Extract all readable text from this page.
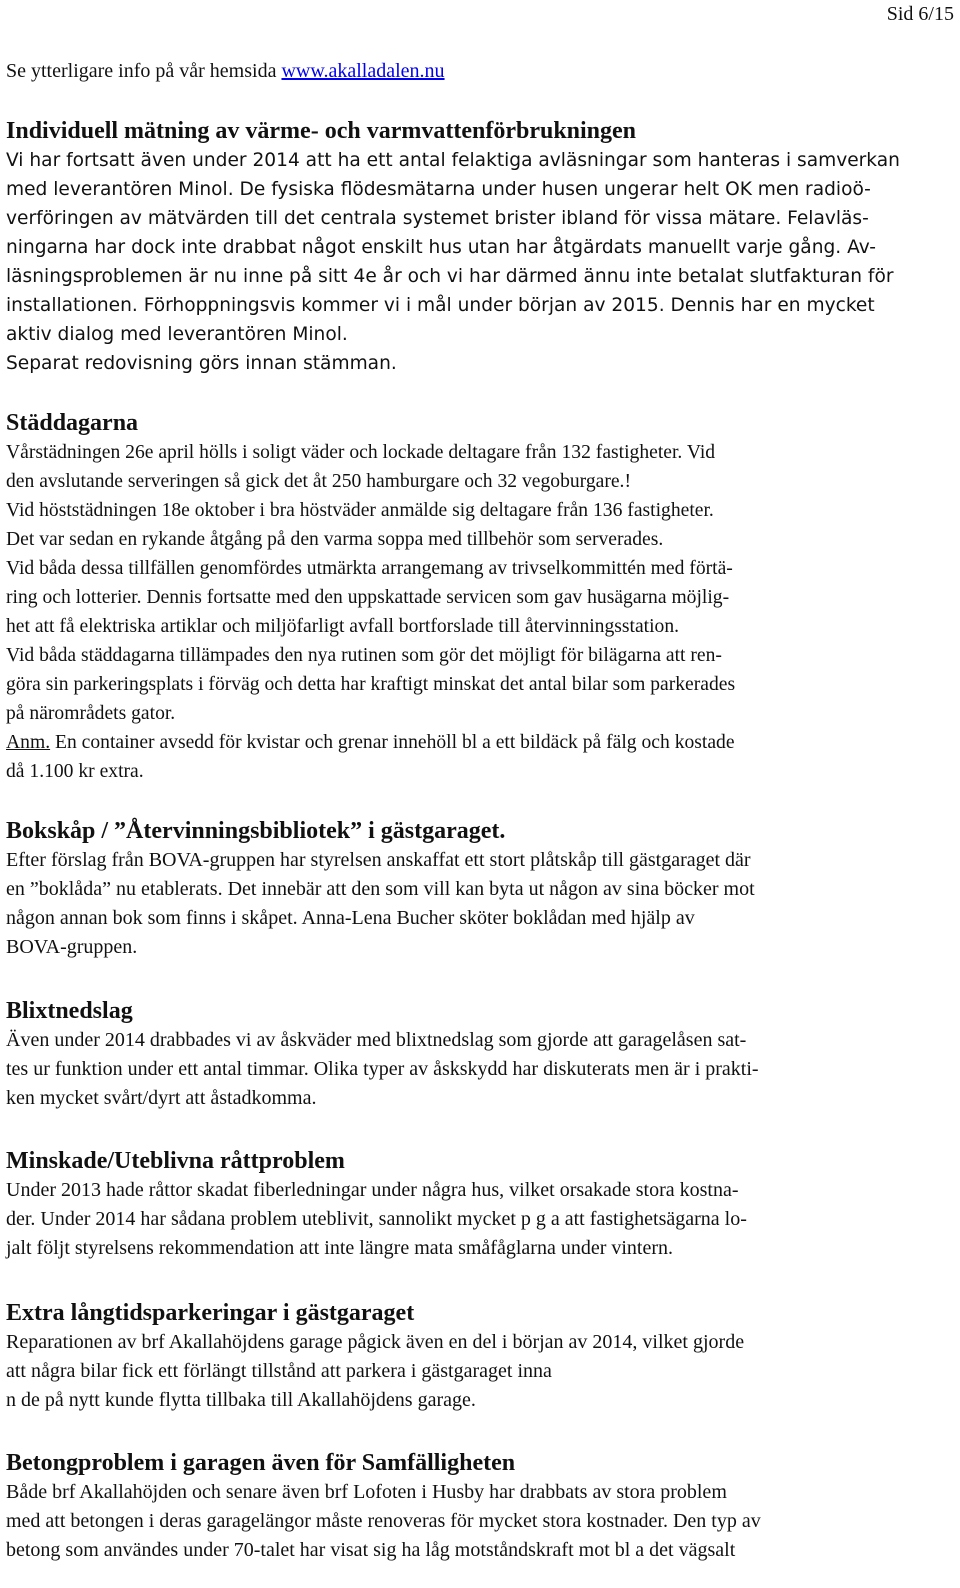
Sid 6/15
Se ytterligare info på vår hemsida www.akalladalen.nu
Individuell mätning av värme- och varmvattenförbrukningen
Vi har fortsatt även under 2014 att ha ett antal felaktiga avläsningar som hanteras i samverkan
med leverantören Minol. De fysiska flödesmätarna under husen ungerar helt OK men radioö-
verföringen av mätvärden till det centrala systemet brister ibland för vissa mätare. Felavläs-
ningarna har dock inte drabbat något enskilt hus utan har åtgärdats manuellt varje gång. Av-
läsningsproblemen är nu inne på sitt 4e år och vi har därmed ännu inte betalat slutfakturan för
installationen. Förhoppningsvis kommer vi i mål under början av 2015. Dennis har en mycket
aktiv dialog med leverantören Minol.
Separat redovisning görs innan stämman.
Städdagarna
Vårstädningen 26e april hölls i soligt väder och lockade deltagare från 132 fastigheter. Vid
den avslutande serveringen så gick det åt 250 hamburgare och 32 vegoburgare.!
Vid höststädningen 18e oktober i bra höstväder anmälde sig deltagare från 136 fastigheter.
Det var sedan en rykande åtgång på den varma soppa med tillbehör som serverades.
Vid båda dessa tillfällen genomfördes utmärkta arrangemang av trivselkommittén med förtä-
ring och lotterier. Dennis fortsatte med den uppskattade servicen som gav husägarna möjlig-
het att få elektriska artiklar och miljöfarligt avfall bortforslade till återvinningsstation.
Vid båda städdagarna tillämpades den nya rutinen som gör det möjligt för bilägarna att ren-
göra sin parkeringsplats i förväg och detta har kraftigt minskat det antal bilar som parkerades
på närområdets gator.
Anm. En container avsedd för kvistar och grenar innehöll bl a ett bildäck på fälg och kostade
då 1.100 kr extra.
Bokskåp / ”Återvinningsbibliotek” i gästgaraget.
Efter förslag från BOVA-gruppen har styrelsen anskaffat ett stort plåtskåp till gästgaraget där
en ”boklåda” nu etablerats. Det innebär att den som vill kan byta ut någon av sina böcker mot
någon annan bok som finns i skåpet. Anna-Lena Bucher sköter boklådan med hjälp av
BOVA-gruppen.
Blixtnedslag
Även under 2014 drabbades vi av åskväder med blixtnedslag som gjorde att garagelåsen sat-
tes ur funktion under ett antal timmar. Olika typer av åskskydd har diskuterats men är i prakti-
ken mycket svårt/dyrt att åstadkomma.
Minskade/Uteblivna råttproblem
Under 2013 hade råttor skadat fiberledningar under några hus, vilket orsakade stora kostna-
der. Under 2014 har sådana problem uteblivit, sannolikt mycket p g a att fastighetsägarna lo-
jalt följt styrelsens rekommendation att inte längre mata småfåglarna under vintern.
Extra långtidsparkeringar i gästgaraget
Reparationen av brf Akallahöjdens garage pågick även en del i början av 2014, vilket gjorde
att några bilar fick ett förlängt tillstånd att parkera i gästgaraget inna
n de på nytt kunde flytta tillbaka till Akallahöjdens garage.
Betongproblem i garagen även för Samfälligheten
Både brf Akallahöjden och senare även brf Lofoten i Husby har drabbats av stora problem
med att betongen i deras garagelängor måste renoveras för mycket stora kostnader. Den typ av
betong som användes under 70-talet har visat sig ha låg motståndskraft mot bl a det vägsalt
